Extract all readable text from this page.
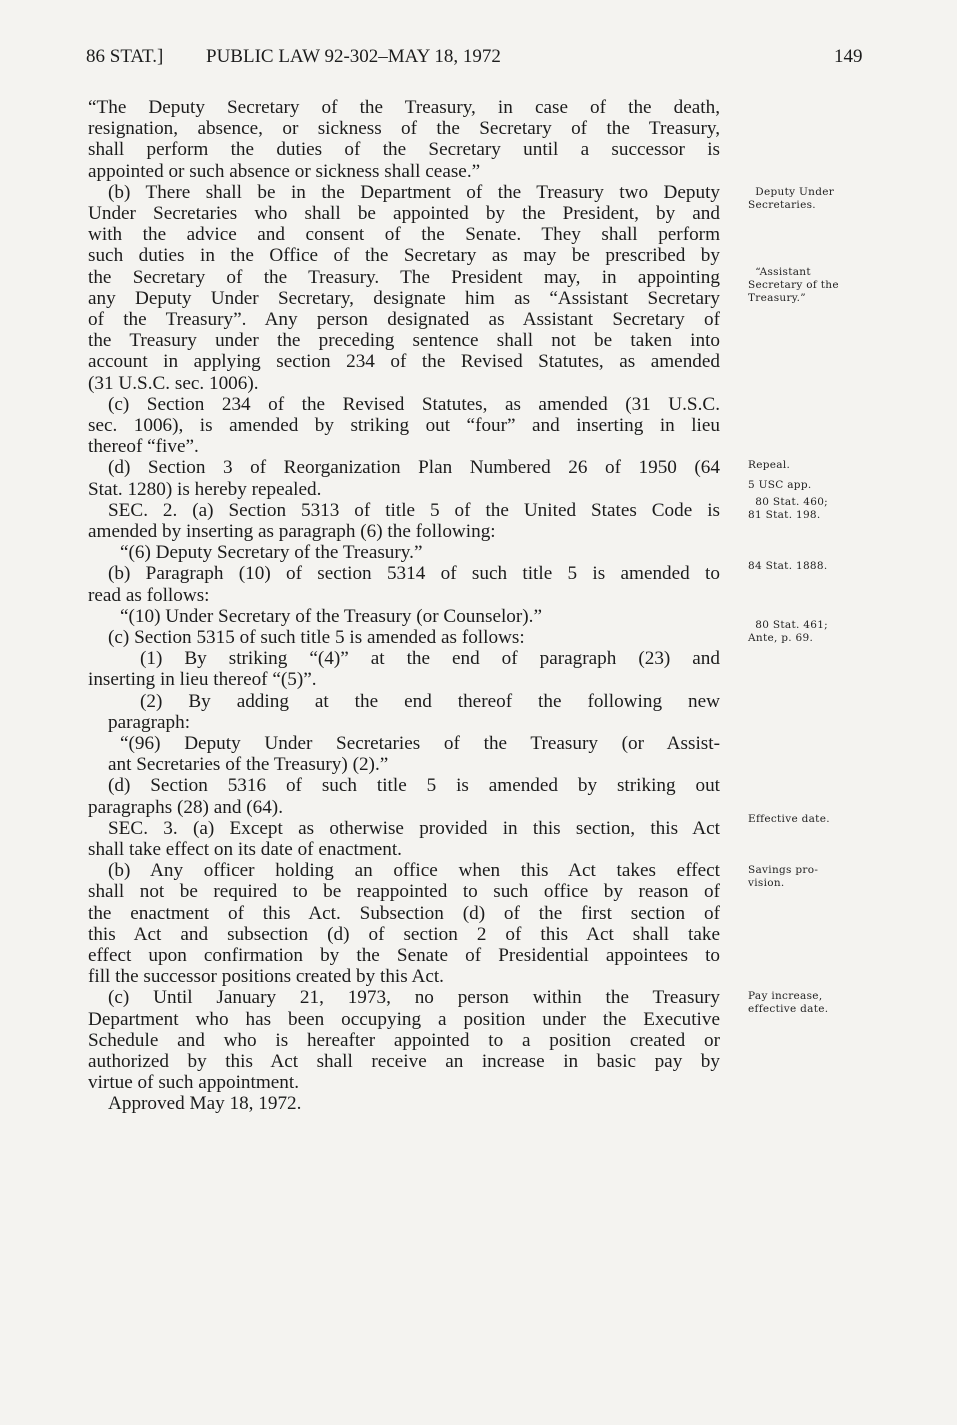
86 STAT.] PUBLIC LAW 92-302–MAY 18, 1972	149
“The Deputy Secretary of the Treasury, in case of the death,
resignation, absence, or sickness of the Secretary of the Treasury,
shall perform the duties of the Secretary until a successor is
appointed or such absence or sickness shall cease.”
(b) There shall be in the Department of the Treasury two Deputy
Under Secretaries who shall be appointed by the President, by and
with the advice and consent of the Senate. They shall perform
such duties in the Office of the Secretary as may be prescribed by
the Secretary of the Treasury. The President may, in appointing
any Deputy Under Secretary, designate him as “Assistant Secretary
of the Treasury”. Any person designated as Assistant Secretary of
the Treasury under the preceding sentence shall not be taken into
account in applying section 234 of the Revised Statutes, as amended
(31 U.S.C. sec. 1006).
(c) Section 234 of the Revised Statutes, as amended (31 U.S.C.
sec. 1006), is amended by striking out “four” and inserting in lieu
thereof “five”.
(d) Section 3 of Reorganization Plan Numbered 26 of 1950 (64
Stat. 1280) is hereby repealed.
SEC. 2. (a) Section 5313 of title 5 of the United States Code is
amended by inserting as paragraph (6) the following:
“(6) Deputy Secretary of the Treasury.”
(b) Paragraph (10) of section 5314 of such title 5 is amended to
read as follows:
“(10) Under Secretary of the Treasury (or Counselor).”
(c) Section 5315 of such title 5 is amended as follows:
(1) By striking “(4)” at the end of paragraph (23) and
inserting in lieu thereof “(5)”.
(2) By adding at the end thereof the following new
paragraph:
“(96) Deputy Under Secretaries of the Treasury (or Assist-
ant Secretaries of the Treasury) (2).”
(d) Section 5316 of such title 5 is amended by striking out
paragraphs (28) and (64).
SEC. 3. (a) Except as otherwise provided in this section, this Act
shall take effect on its date of enactment.
(b) Any officer holding an office when this Act takes effect
shall not be required to be reappointed to such office by reason of
the enactment of this Act. Subsection (d) of the first section of
this Act and subsection (d) of section 2 of this Act shall take
effect upon confirmation by the Senate of Presidential appointees to
fill the successor positions created by this Act.
(c) Until January 21, 1973, no person within the Treasury
Department who has been occupying a position under the Executive
Schedule and who is hereafter appointed to a position created or
authorized by this Act shall receive an increase in basic pay by
virtue of such appointment.
Approved May 18, 1972.
Deputy Under
Secretaries.
“Assistant
Secretary of the
Treasury.”
Repeal.
5 USC app.
80 Stat. 460;
81 Stat. 198.
84 Stat. 1888.
80 Stat. 461;
Ante, p. 69.
Effective date.
Savings pro-
vision.
Pay increase,
effective date.
